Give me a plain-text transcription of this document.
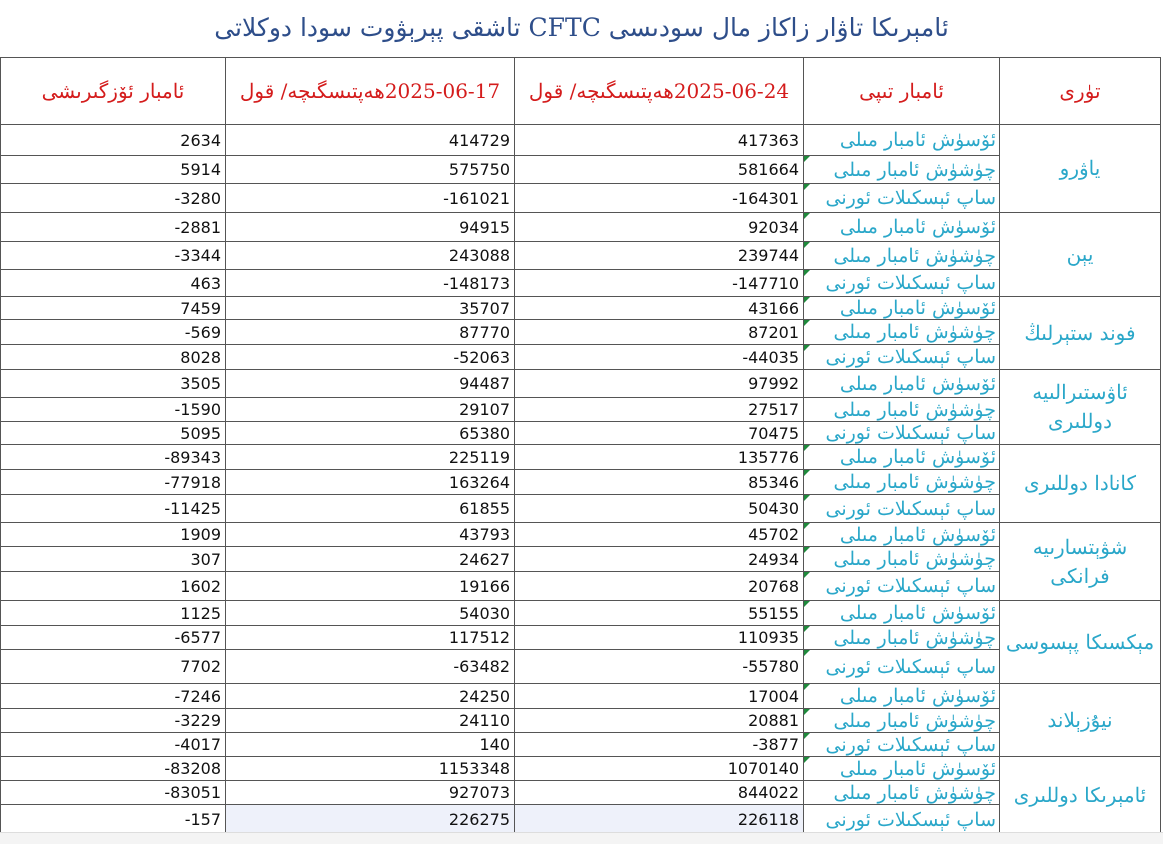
ئامېرىكا تاۋار زاكاز مال سودىسى CFTC تاشقى پېرېۋوت سودا دوكلاتى
تۈرى	ئامبار تىپى	2025-06-24ھەپتىسگىچە/ قول	2025-06-17ھەپتىسگىچە/ قول	ئامبار ئۆزگىرىشى
ياۋرو	ئۆسۈش ئامبار مىلى	417363	414729	2634
	چۈشۈش ئامبار مىلى	581664	575750	5914
	ساپ ئېسكىلات ئورنى	-164301	-161021	-3280
يېن	ئۆسۈش ئامبار مىلى	92034	94915	-2881
	چۈشۈش ئامبار مىلى	239744	243088	-3344
	ساپ ئېسكىلات ئورنى	-147710	-148173	463
فوند ستېرلىڭ	ئۆسۈش ئامبار مىلى	43166	35707	7459
	چۈشۈش ئامبار مىلى	87201	87770	-569
	ساپ ئېسكىلات ئورنى	-44035	-52063	8028
ئاۋستىرالىيە دوللىرى	ئۆسۈش ئامبار مىلى	97992	94487	3505
	چۈشۈش ئامبار مىلى	27517	29107	-1590
	ساپ ئېسكىلات ئورنى	70475	65380	5095
كانادا دوللىرى	ئۆسۈش ئامبار مىلى	135776	225119	-89343
	چۈشۈش ئامبار مىلى	85346	163264	-77918
	ساپ ئېسكىلات ئورنى	50430	61855	-11425
شۋېتسارىيە فرانكى	ئۆسۈش ئامبار مىلى	45702	43793	1909
	چۈشۈش ئامبار مىلى	24934	24627	307
	ساپ ئېسكىلات ئورنى	20768	19166	1602
مېكسىكا پېسوسى	ئۆسۈش ئامبار مىلى	55155	54030	1125
	چۈشۈش ئامبار مىلى	110935	117512	-6577
	ساپ ئېسكىلات ئورنى	-55780	-63482	7702
نيۇزېلاند	ئۆسۈش ئامبار مىلى	17004	24250	-7246
	چۈشۈش ئامبار مىلى	20881	24110	-3229
	ساپ ئېسكىلات ئورنى	-3877	140	-4017
ئامېرىكا دوللىرى	ئۆسۈش ئامبار مىلى	1070140	1153348	-83208
	چۈشۈش ئامبار مىلى	844022	927073	-83051
	ساپ ئېسكىلات ئورنى	226118	226275	-157
